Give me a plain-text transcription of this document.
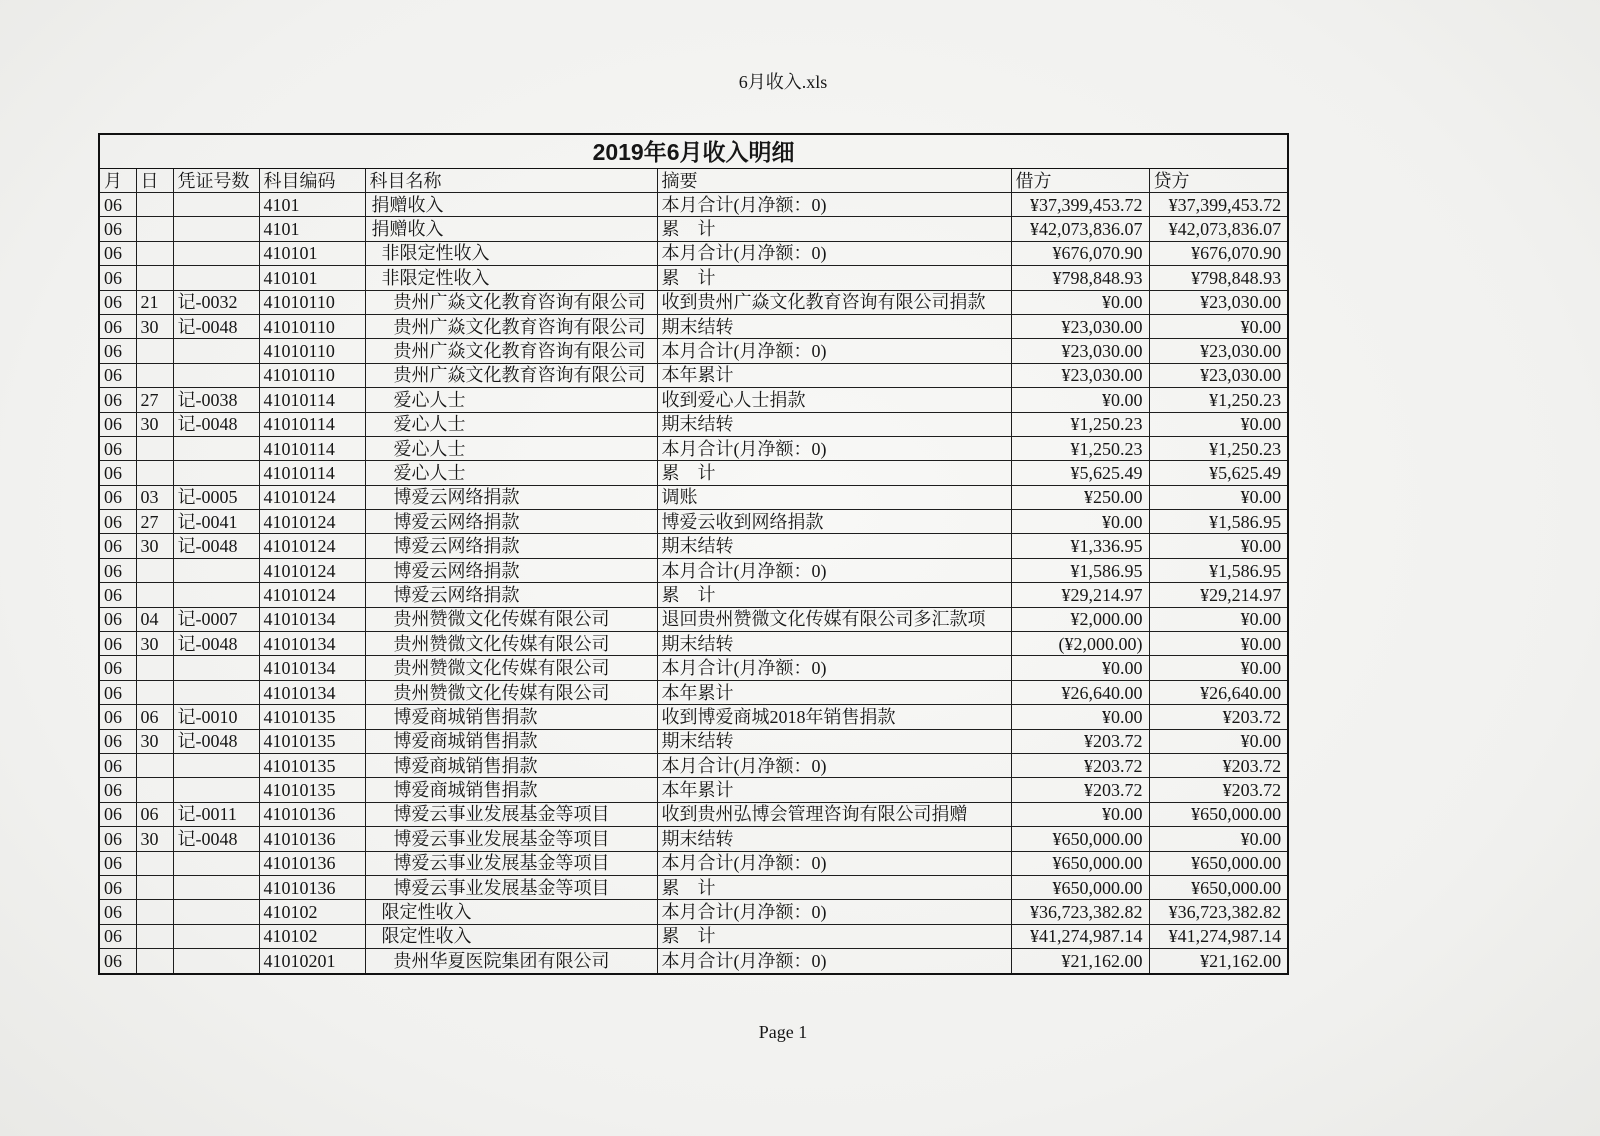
6月收入.xls
2019年6月收入明细							
月	日	凭证号数	科目编码	科目名称	摘要	借方	贷方
06			4101	捐赠收入	本月合计(月净额：0)	¥37,399,453.72	¥37,399,453.72
06			4101	捐赠收入	累　计	¥42,073,836.07	¥42,073,836.07
06			410101	非限定性收入	本月合计(月净额：0)	¥676,070.90	¥676,070.90
06			410101	非限定性收入	累　计	¥798,848.93	¥798,848.93
06	21	记-0032	41010110	贵州广焱文化教育咨询有限公司	收到贵州广焱文化教育咨询有限公司捐款	¥0.00	¥23,030.00
06	30	记-0048	41010110	贵州广焱文化教育咨询有限公司	期末结转	¥23,030.00	¥0.00
06			41010110	贵州广焱文化教育咨询有限公司	本月合计(月净额：0)	¥23,030.00	¥23,030.00
06			41010110	贵州广焱文化教育咨询有限公司	本年累计	¥23,030.00	¥23,030.00
06	27	记-0038	41010114	爱心人士	收到爱心人士捐款	¥0.00	¥1,250.23
06	30	记-0048	41010114	爱心人士	期末结转	¥1,250.23	¥0.00
06			41010114	爱心人士	本月合计(月净额：0)	¥1,250.23	¥1,250.23
06			41010114	爱心人士	累　计	¥5,625.49	¥5,625.49
06	03	记-0005	41010124	博爱云网络捐款	调账	¥250.00	¥0.00
06	27	记-0041	41010124	博爱云网络捐款	博爱云收到网络捐款	¥0.00	¥1,586.95
06	30	记-0048	41010124	博爱云网络捐款	期末结转	¥1,336.95	¥0.00
06			41010124	博爱云网络捐款	本月合计(月净额：0)	¥1,586.95	¥1,586.95
06			41010124	博爱云网络捐款	累　计	¥29,214.97	¥29,214.97
06	04	记-0007	41010134	贵州赞微文化传媒有限公司	退回贵州赞微文化传媒有限公司多汇款项	¥2,000.00	¥0.00
06	30	记-0048	41010134	贵州赞微文化传媒有限公司	期末结转	(¥2,000.00)	¥0.00
06			41010134	贵州赞微文化传媒有限公司	本月合计(月净额：0)	¥0.00	¥0.00
06			41010134	贵州赞微文化传媒有限公司	本年累计	¥26,640.00	¥26,640.00
06	06	记-0010	41010135	博爱商城销售捐款	收到博爱商城2018年销售捐款	¥0.00	¥203.72
06	30	记-0048	41010135	博爱商城销售捐款	期末结转	¥203.72	¥0.00
06			41010135	博爱商城销售捐款	本月合计(月净额：0)	¥203.72	¥203.72
06			41010135	博爱商城销售捐款	本年累计	¥203.72	¥203.72
06	06	记-0011	41010136	博爱云事业发展基金等项目	收到贵州弘博会管理咨询有限公司捐赠	¥0.00	¥650,000.00
06	30	记-0048	41010136	博爱云事业发展基金等项目	期末结转	¥650,000.00	¥0.00
06			41010136	博爱云事业发展基金等项目	本月合计(月净额：0)	¥650,000.00	¥650,000.00
06			41010136	博爱云事业发展基金等项目	累　计	¥650,000.00	¥650,000.00
06			410102	限定性收入	本月合计(月净额：0)	¥36,723,382.82	¥36,723,382.82
06			410102	限定性收入	累　计	¥41,274,987.14	¥41,274,987.14
06			41010201	贵州华夏医院集团有限公司	本月合计(月净额：0)	¥21,162.00	¥21,162.00
Page 1
